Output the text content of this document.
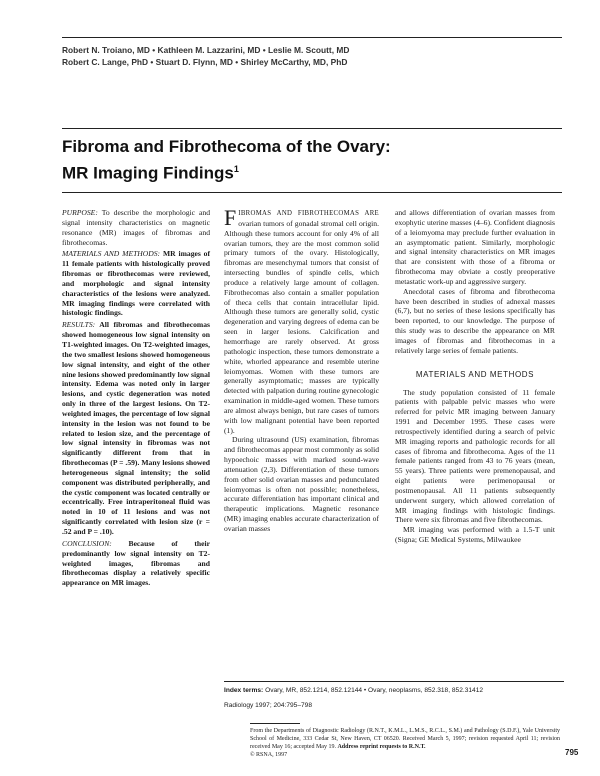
Robert N. Troiano, MD • Kathleen M. Lazzarini, MD • Leslie M. Scoutt, MD
Robert C. Lange, PhD • Stuart D. Flynn, MD • Shirley McCarthy, MD, PhD
Fibroma and Fibrothecoma of the Ovary:
MR Imaging Findings$^1$

PURPOSE: To describe the morphologic and signal intensity characteristics on magnetic resonance (MR) images of fibromas and fibrothecomas.

MATERIALS AND METHODS: MR images of 11 female patients with histologically proved fibromas or fibrothecomas were reviewed, and morphologic and signal intensity characteristics of the lesions were analyzed. MR imaging findings were correlated with histologic findings.

RESULTS: All fibromas and fibrothecomas showed homogeneous low signal intensity on T1-weighted images. On T2-weighted images, the two smallest lesions showed homogeneous low signal intensity, and eight of the other nine lesions showed predominantly low signal intensity. Edema was noted only in larger lesions, and cystic degeneration was noted only in three of the largest lesions. On T2-weighted images, the percentage of low signal intensity in the lesion was not found to be related to lesion size, and the percentage of low signal intensity in fibromas was not significantly different from that in fibrothecomas (P = .59). Many lesions showed heterogeneous signal intensity; the solid component was distributed peripherally, and the cystic component was located centrally or eccentrically. Free intraperitoneal fluid was noted in 10 of 11 lesions and was not significantly correlated with lesion size (r = .52 and P = .10).

CONCLUSION: Because of their predominantly low signal intensity on T2-weighted images, fibromas and fibrothecomas display a relatively specific appearance on MR images.

FIBROMAS AND FIBROTHECOMAS ARE ovarian tumors of gonadal stromal cell origin. Although these tumors account for only 4% of all ovarian tumors, they are the most common solid primary tumors of the ovary. Histologically, fibromas are mesenchymal tumors that consist of intersecting bundles of spindle cells, which produce a relatively large amount of collagen. Fibrothecomas also contain a smaller population of theca cells that contain intracellular lipid. Although these tumors are generally solid, cystic degeneration and varying degrees of edema can be seen in larger lesions. Calcification and hemorrhage are rarely observed. At gross pathologic inspection, these tumors demonstrate a white, whorled appearance and resemble uterine leiomyomas. Women with these tumors are generally asymptomatic; masses are typically detected with palpation during routine gynecologic examination in middle-aged women. These tumors are almost always benign, but rare cases of tumors with low malignant potential have been reported (1).

During ultrasound (US) examination, fibromas and fibrothecomas appear most commonly as solid hypoechoic masses with marked sound-wave attenuation (2,3). Differentiation of these tumors from other solid ovarian masses and pedunculated leiomyomas is often not possible; nonetheless, accurate differentiation has important clinical and therapeutic implications. Magnetic resonance (MR) imaging enables accurate characterization of ovarian masses

and allows differentiation of ovarian masses from exophytic uterine masses (4–6). Confident diagnosis of a leiomyoma may preclude further evaluation in an asymptomatic patient. Similarly, morphologic and signal intensity characteristics on MR images that are consistent with those of a fibroma or fibrothecoma may obviate a costly preoperative metastatic work-up and aggressive surgery.

Anecdotal cases of fibroma and fibrothecoma have been described in studies of adnexal masses (6,7), but no series of these lesions specifically has been reported, to our knowledge. The purpose of this study was to describe the appearance on MR images of fibromas and fibrothecomas in a relatively large series of female patients.

MATERIALS AND METHODS

The study population consisted of 11 female patients with palpable pelvic masses who were referred for pelvic MR imaging between January 1991 and December 1995. These cases were retrospectively identified during a search of pelvic MR imaging reports and pathologic records for all cases of fibroma and fibrothecoma. Ages of the 11 female patients ranged from 43 to 76 years (mean, 55 years). Three patients were premenopausal, and eight patients were perimenopausal or postmenopausal. All 11 patients subsequently underwent surgery, which allowed correlation of MR imaging findings with histologic findings. There were six fibromas and five fibrothecomas.

MR imaging was performed with a 1.5-T unit (Signa; GE Medical Systems, Milwaukee

Index terms: Ovary, MR, 852.1214, 852.12144 • Ovary, neoplasms, 852.318, 852.31412

Radiology 1997; 204:795–798

From the Departments of Diagnostic Radiology (R.N.T., K.M.L., L.M.S., R.C.L., S.M.) and Pathology (S.D.F.), Yale University School of Medicine, 333 Cedar St, New Haven, CT 06520. Received March 5, 1997; revision requested April 11; revision received May 16; accepted May 19. Address reprint requests to R.N.T.

© RSNA, 1997	795
